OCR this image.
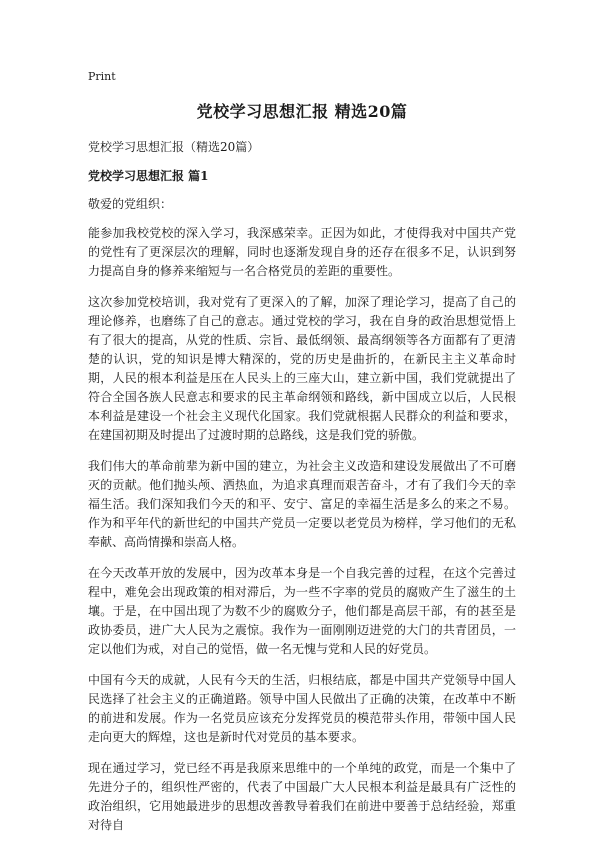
Print
党校学习思想汇报 精选20篇

党校学习思想汇报（精选20篇）

党校学习思想汇报 篇1

敬爱的党组织：

能参加我校党校的深入学习，我深感荣幸。正因为如此，才使得我对中国共产党的党性有了更深层次的理解，同时也逐渐发现自身的还存在很多不足，认识到努力提高自身的修养来缩短与一名合格党员的差距的重要性。

这次参加党校培训，我对党有了更深入的了解，加深了理论学习，提高了自己的理论修养，也磨练了自己的意志。通过党校的学习，我在自身的政治思想觉悟上有了很大的提高，从党的性质、宗旨、最低纲领、最高纲领等各方面都有了更清楚的认识，党的知识是博大精深的，党的历史是曲折的，在新民主主义革命时期，人民的根本利益是压在人民头上的三座大山，建立新中国，我们党就提出了符合全国各族人民意志和要求的民主革命纲领和路线，新中国成立以后，人民根本利益是建设一个社会主义现代化国家。我们党就根据人民群众的利益和要求，在建国初期及时提出了过渡时期的总路线，这是我们党的骄傲。

我们伟大的革命前辈为新中国的建立，为社会主义改造和建设发展做出了不可磨灭的贡献。他们抛头颅、洒热血，为追求真理而艰苦奋斗，才有了我们今天的幸福生活。我们深知我们今天的和平、安宁、富足的幸福生活是多么的来之不易。作为和平年代的新世纪的中国共产党员一定要以老党员为榜样，学习他们的无私奉献、高尚情操和崇高人格。

在今天改革开放的发展中，因为改革本身是一个自我完善的过程，在这个完善过程中，难免会出现政策的相对滞后，为一些不字率的党员的腐败产生了滋生的土壤。于是，在中国出现了为数不少的腐败分子，他们都是高层干部，有的甚至是政协委员，进广大人民为之震惊。我作为一面刚刚迈进党的大门的共青团员，一定以他们为戒，对自己的觉悟，做一名无愧与党和人民的好党员。

中国有今天的成就，人民有今天的生活，归根结底，都是中国共产党领导中国人民选择了社会主义的正确道路。领导中国人民做出了正确的决策，在改革中不断的前进和发展。作为一名党员应该充分发挥党员的模范带头作用，带领中国人民走向更大的辉煌，这也是新时代对党员的基本要求。

现在通过学习，党已经不再是我原来思维中的一个单纯的政党，而是一个集中了先进分子的，组织性严密的，代表了中国最广大人民根本利益是最具有广泛性的政治组织，它用她最进步的思想改善教导着我们在前进中要善于总结经验，郑重对待自
